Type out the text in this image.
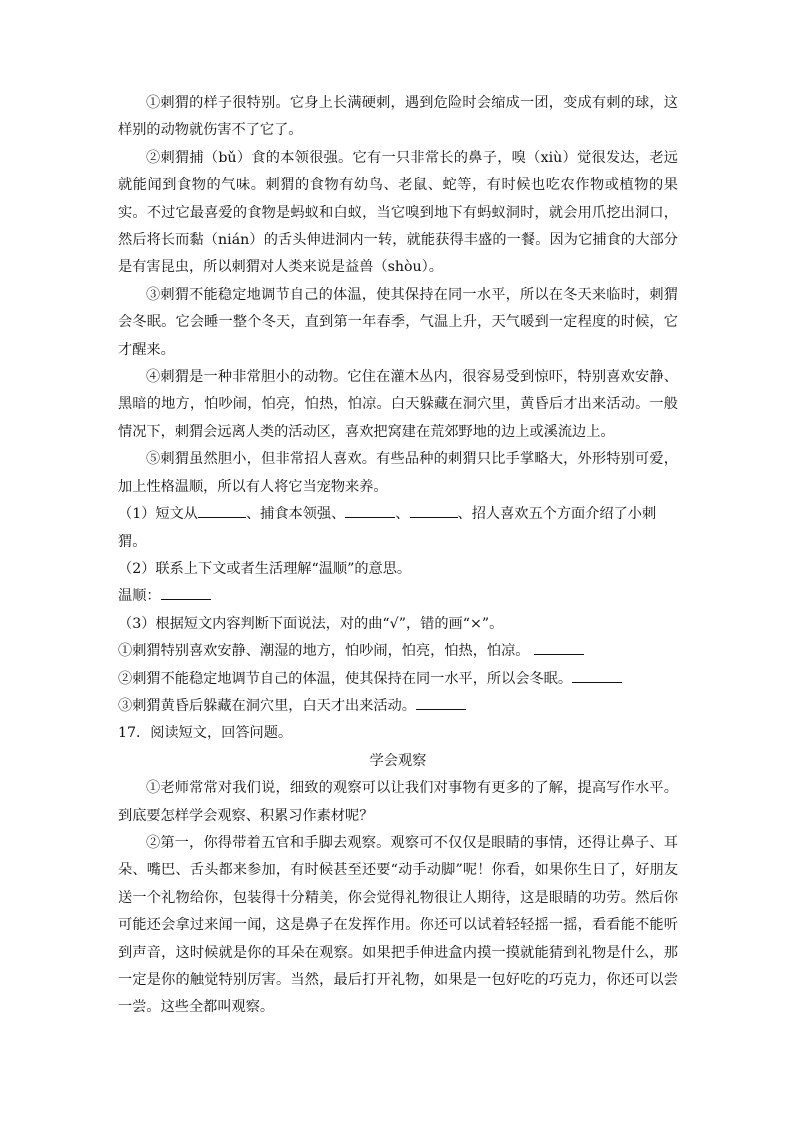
①刺猬的样子很特别。它身上长满硬刺，遇到危险时会缩成一团，变成有刺的球，这样别的动物就伤害不了它了。

②刺猬捕（bǔ）食的本领很强。它有一只非常长的鼻子，嗅（xiù）觉很发达，老远就能闻到食物的气味。刺猬的食物有幼鸟、老鼠、蛇等，有时候也吃农作物或植物的果实。不过它最喜爱的食物是蚂蚁和白蚁，当它嗅到地下有蚂蚁洞时，就会用爪挖出洞口，然后将长而黏（nián）的舌头伸进洞内一转，就能获得丰盛的一餐。因为它捕食的大部分是有害昆虫，所以刺猬对人类来说是益兽（shòu）。

③刺猬不能稳定地调节自己的体温，使其保持在同一水平，所以在冬天来临时，刺猬会冬眠。它会睡一整个冬天，直到第一年春季，气温上升，天气暖到一定程度的时候，它才醒来。

④刺猬是一种非常胆小的动物。它住在灌木丛内，很容易受到惊吓，特别喜欢安静、黑暗的地方，怕吵闹，怕亮，怕热，怕凉。白天躲藏在洞穴里，黄昏后才出来活动。一般情况下，刺猬会远离人类的活动区，喜欢把窝建在荒郊野地的边上或溪流边上。

⑤刺猬虽然胆小，但非常招人喜欢。有些品种的刺猬只比手掌略大，外形特别可爱，加上性格温顺，所以有人将它当宠物来养。

（1）短文从	、捕食本领强、	、	、招人喜欢五个方面介绍了小刺猬。

（2）联系上下文或者生活理解“温顺”的意思。

温顺：

（3）根据短文内容判断下面说法，对的曲“√”，错的画“×”。

①刺猬特别喜欢安静、潮湿的地方，怕吵闹，怕亮，怕热，怕凉。

②刺猬不能稳定地调节自己的体温，使其保持在同一水平，所以会冬眠。

③刺猬黄昏后躲藏在洞穴里，白天才出来活动。

17．阅读短文，回答问题。

学会观察

①老师常常对我们说，细致的观察可以让我们对事物有更多的了解，提高写作水平。到底要怎样学会观察、积累习作素材呢？

②第一，你得带着五官和手脚去观察。观察可不仅仅是眼睛的事情，还得让鼻子、耳朵、嘴巴、舌头都来参加，有时候甚至还要“动手动脚”呢！你看，如果你生日了，好朋友送一个礼物给你，包装得十分精美，你会觉得礼物很让人期待，这是眼睛的功劳。然后你可能还会拿过来闻一闻，这是鼻子在发挥作用。你还可以试着轻轻摇一摇，看看能不能听到声音，这时候就是你的耳朵在观察。如果把手伸进盒内摸一摸就能猜到礼物是什么，那一定是你的触觉特别厉害。当然，最后打开礼物，如果是一包好吃的巧克力，你还可以尝一尝。这些全都叫观察。
